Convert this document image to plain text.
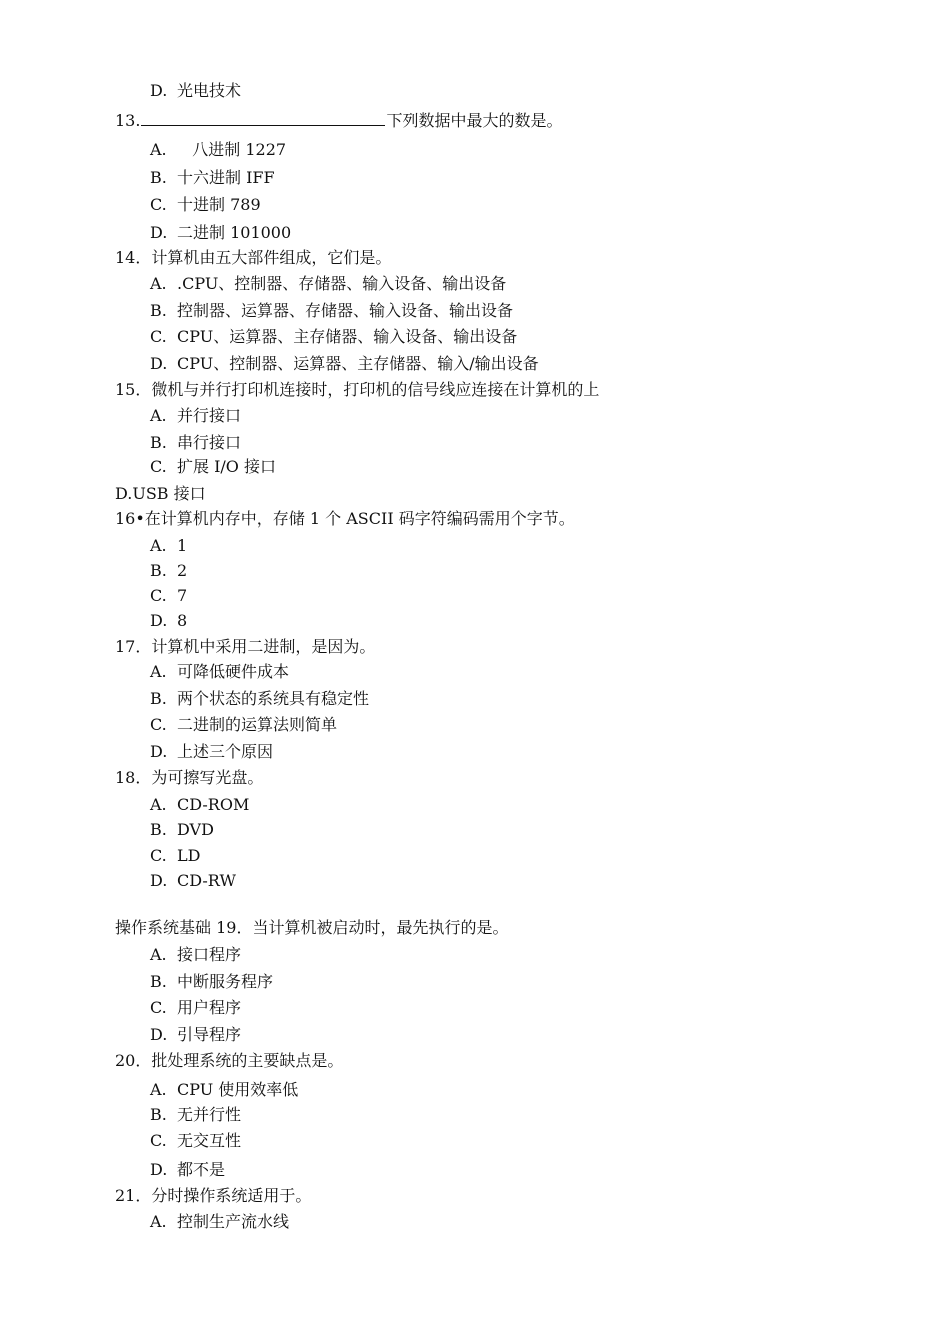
D. 光电技术
13.	下列数据中最大的数是。
A.   八进制 1227
B. 十六进制 IFF
C. 十进制 789
D. 二进制 101000
14．计算机由五大部件组成，它们是。
A. .CPU、控制器、存储器、输入设备、输出设备
B. 控制器、运算器、存储器、输入设备、输出设备
C. CPU、运算器、主存储器、输入设备、输出设备
D. CPU、控制器、运算器、主存储器、输入/输出设备
15．微机与并行打印机连接时，打印机的信号线应连接在计算机的上
A. 并行接口
B. 串行接口
C. 扩展 I/O 接口
D.USB 接口
16•在计算机内存中，存储 1 个 ASCII 码字符编码需用个字节。
A. 1
B. 2
C. 7
D. 8
17．计算机中采用二进制，是因为。
A. 可降低硬件成本
B. 两个状态的系统具有稳定性
C. 二进制的运算法则简单
D. 上述三个原因
18．为可擦写光盘。
A. CD-ROM
B. DVD
C. LD
D. CD-RW
操作系统基础 19．当计算机被启动时，最先执行的是。
A. 接口程序
B. 中断服务程序
C. 用户程序
D. 引导程序
20．批处理系统的主要缺点是。
A. CPU 使用效率低
B. 无并行性
C. 无交互性
D. 都不是
21．分时操作系统适用于。
A. 控制生产流水线
